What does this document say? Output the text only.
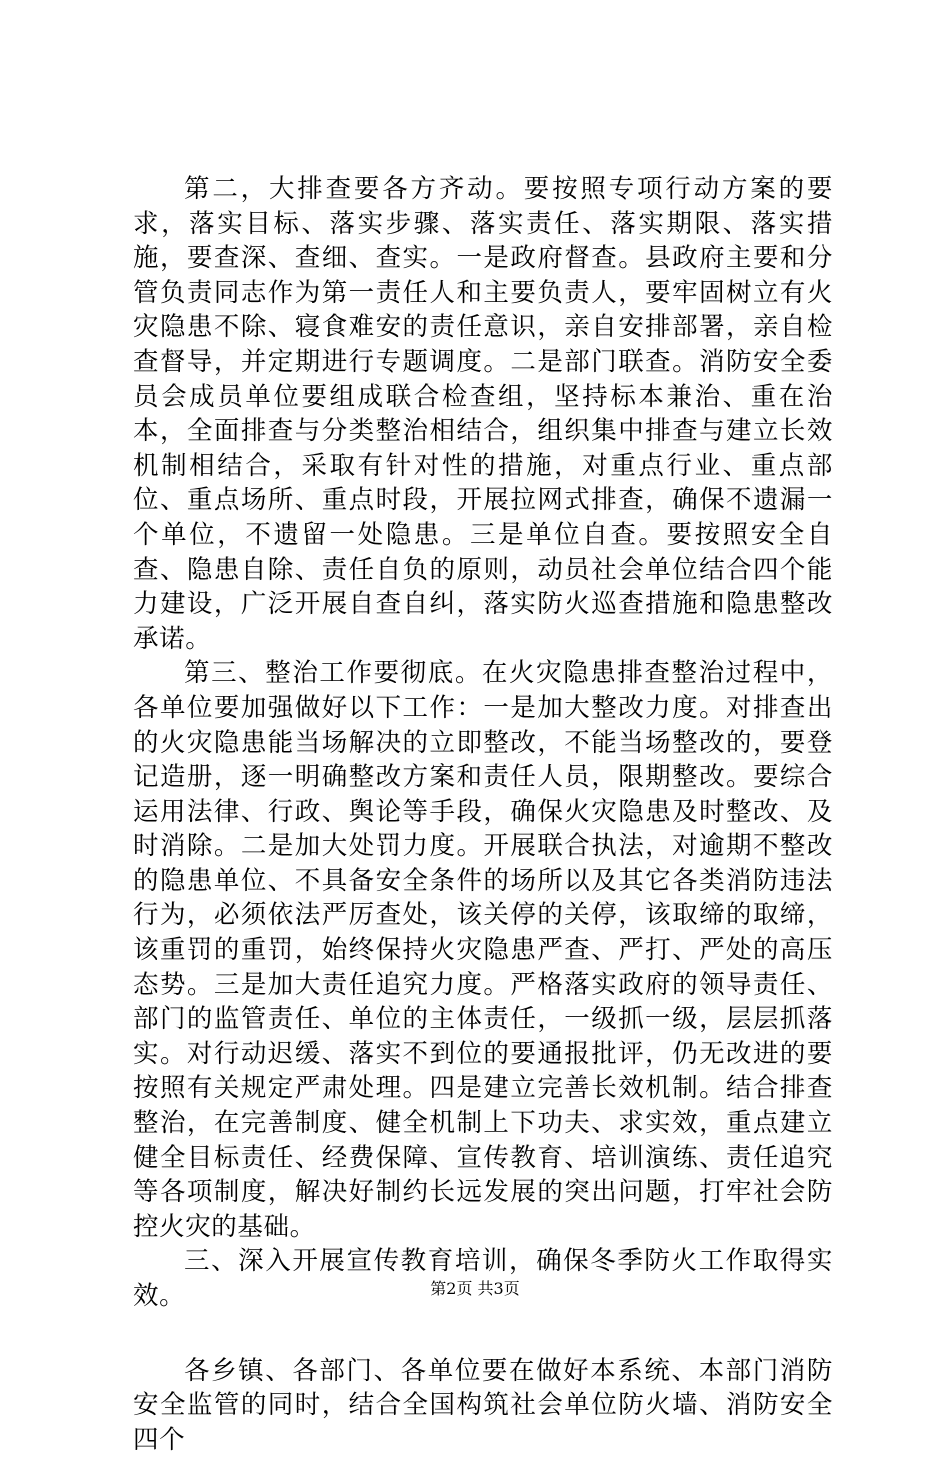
第二，大排查要各方齐动。要按照专项行动方案的要求，落实目标、落实步骤、落实责任、落实期限、落实措施，要查深、查细、查实。一是政府督查。县政府主要和分管负责同志作为第一责任人和主要负责人，要牢固树立有火灾隐患不除、寝食难安的责任意识，亲自安排部署，亲自检查督导，并定期进行专题调度。二是部门联查。消防安全委员会成员单位要组成联合检查组，坚持标本兼治、重在治本，全面排查与分类整治相结合，组织集中排查与建立长效机制相结合，采取有针对性的措施，对重点行业、重点部位、重点场所、重点时段，开展拉网式排查，确保不遗漏一个单位，不遗留一处隐患。三是单位自查。要按照安全自查、隐患自除、责任自负的原则，动员社会单位结合四个能力建设，广泛开展自查自纠，落实防火巡查措施和隐患整改承诺。

第三、整治工作要彻底。在火灾隐患排查整治过程中，各单位要加强做好以下工作：一是加大整改力度。对排查出的火灾隐患能当场解决的立即整改，不能当场整改的，要登记造册，逐一明确整改方案和责任人员，限期整改。要综合运用法律、行政、舆论等手段，确保火灾隐患及时整改、及时消除。二是加大处罚力度。开展联合执法，对逾期不整改的隐患单位、不具备安全条件的场所以及其它各类消防违法行为，必须依法严厉查处，该关停的关停，该取缔的取缔，该重罚的重罚，始终保持火灾隐患严查、严打、严处的高压态势。三是加大责任追究力度。严格落实政府的领导责任、部门的监管责任、单位的主体责任，一级抓一级，层层抓落实。对行动迟缓、落实不到位的要通报批评，仍无改进的要按照有关规定严肃处理。四是建立完善长效机制。结合排查整治，在完善制度、健全机制上下功夫、求实效，重点建立健全目标责任、经费保障、宣传教育、培训演练、责任追究等各项制度，解决好制约长远发展的突出问题，打牢社会防控火灾的基础。

三、深入开展宣传教育培训，确保冬季防火工作取得实效。

各乡镇、各部门、各单位要在做好本系统、本部门消防安全监管的同时，结合全国构筑社会单位防火墙、消防安全四个

第2页 共3页
